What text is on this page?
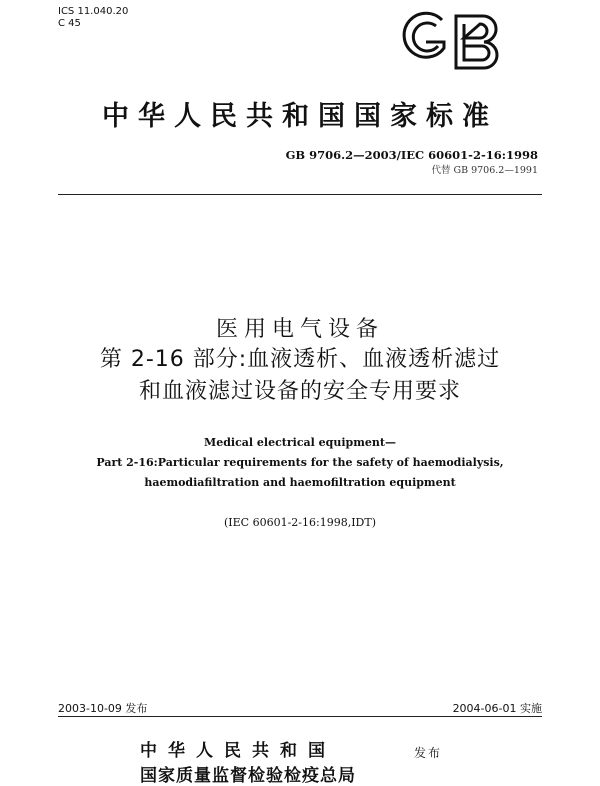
ICS 11.040.20
C 45
GB
中华人民共和国国家标准
GB 9706.2—2003/IEC 60601-2-16:1998
代替 GB 9706.2—1991
医用电气设备
第 2-16 部分:血液透析、血液透析滤过
和血液滤过设备的安全专用要求
Medical electrical equipment—
Part 2-16:Particular requirements for the safety of haemodialysis,
haemodiafiltration and haemofiltration equipment
(IEC 60601-2-16:1998,IDT)
2003-10-09 发布	2004-06-01 实施
中华人民共和国
国家质量监督检验检疫总局
发布
